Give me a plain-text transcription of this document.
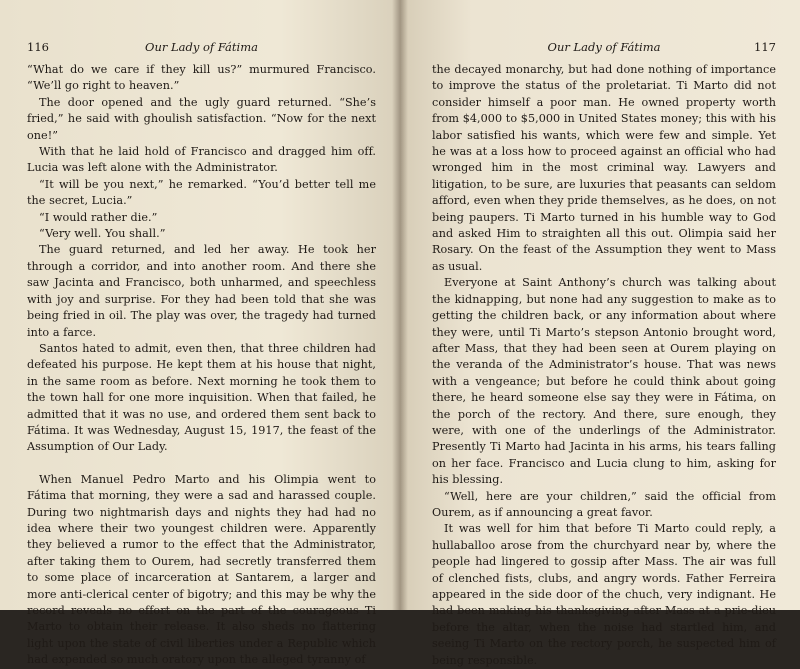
116	Our Lady of Fátima

“What do we care if they kill us?” murmured Francisco. “We’ll go right to heaven.”

The door opened and the ugly guard returned. “She’s fried,” he said with ghoulish satisfaction. “Now for the next one!”

With that he laid hold of Francisco and dragged him off. Lucia was left alone with the Administrator.

“It will be you next,” he remarked. “You’d better tell me the secret, Lucia.”

“I would rather die.”

“Very well. You shall.”

The guard returned, and led her away. He took her through a corridor, and into another room. And there she saw Jacinta and Francisco, both unharmed, and speechless with joy and surprise. For they had been told that she was being fried in oil. The play was over, the tragedy had turned into a farce.

Santos hated to admit, even then, that three children had defeated his purpose. He kept them at his house that night, in the same room as before. Next morning he took them to the town hall for one more inquisition. When that failed, he admitted that it was no use, and ordered them sent back to Fátima. It was Wednesday, August 15, 1917, the feast of the Assumption of Our Lady.

When Manuel Pedro Marto and his Olimpia went to Fátima that morning, they were a sad and harassed couple. During two nightmarish days and nights they had had no idea where their two youngest children were. Apparently they believed a rumor to the effect that the Administrator, after taking them to Ourem, had secretly transferred them to some place of incarceration at Santarem, a larger and more anti-clerical center of bigotry; and this may be why the record reveals no effort on the part of the courageous Ti Marto to obtain their release. It also sheds no flattering light upon the state of civil liberties under a Republic which had expended so much oratory upon the alleged tyranny of

Our Lady of Fátima	117

the decayed monarchy, but had done nothing of importance to improve the status of the proletariat. Ti Marto did not consider himself a poor man. He owned property worth from $4,000 to $5,000 in United States money; this with his labor satisfied his wants, which were few and simple. Yet he was at a loss how to proceed against an official who had wronged him in the most criminal way. Lawyers and litigation, to be sure, are luxuries that peasants can seldom afford, even when they pride themselves, as he does, on not being paupers. Ti Marto turned in his humble way to God and asked Him to straighten all this out. Olimpia said her Rosary. On the feast of the Assumption they went to Mass as usual.

Everyone at Saint Anthony’s church was talking about the kidnapping, but none had any suggestion to make as to getting the children back, or any information about where they were, until Ti Marto’s stepson Antonio brought word, after Mass, that they had been seen at Ourem playing on the veranda of the Administrator’s house. That was news with a vengeance; but before he could think about going there, he heard someone else say they were in Fátima, on the porch of the rectory. And there, sure enough, they were, with one of the underlings of the Administrator. Presently Ti Marto had Jacinta in his arms, his tears falling on her face. Francisco and Lucia clung to him, asking for his blessing.

“Well, here are your children,” said the official from Ourem, as if announcing a great favor.

It was well for him that before Ti Marto could reply, a hullaballoo arose from the churchyard near by, where the people had lingered to gossip after Mass. The air was full of clenched fists, clubs, and angry words. Father Ferreira appeared in the side door of the chuch, very indignant. He had been making his thanksgiving after Mass at a prie-dieu before the altar, when the noise had startled him, and seeing Ti Marto on the rectory porch, he suspected him of being responsible.
